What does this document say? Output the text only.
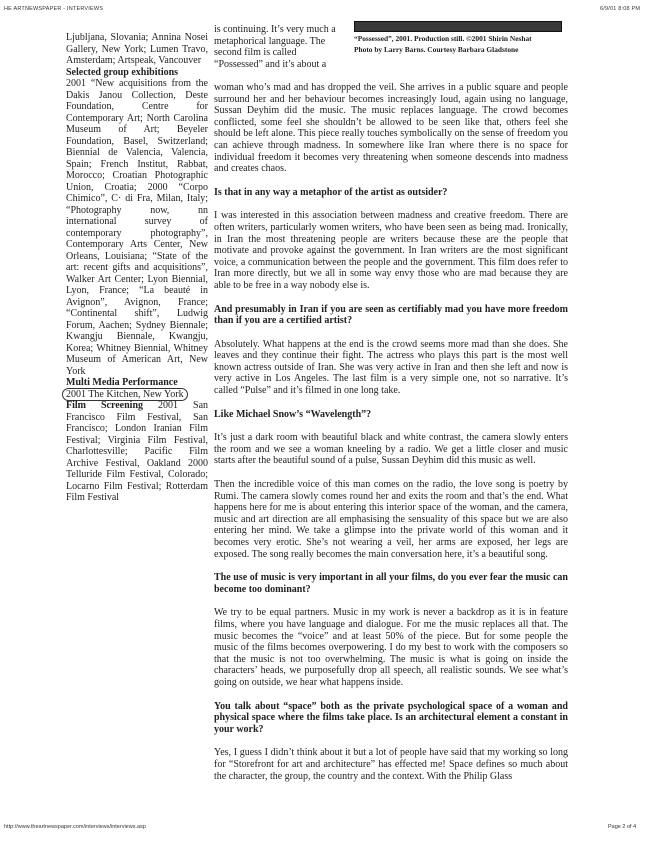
HE ARTNEWSPAPER - INTERVIEWS	6/9/01 8:08 PM

Ljubljana, Slovania; Annina Nosei Gallery, New York; Lumen Travo, Amsterdam; Artspeak, Vancouver

Selected group exhibitions

2001 “New acquisitions from the Dakis Janou Collection, Deste Foundation, Centre for Contemporary Art; North Carolina Museum of Art; Beyeler Foundation, Basel, Switzerland; Biennial de Valencia, Valencia, Spain; French Institut, Rabbat, Morocco; Croatian Photographic Union, Croatia; 2000 “Corpo Chimico”, C· di Fra, Milan, Italy; “Photography now, nn international survey of contemporary photography”, Contemporary Arts Center, New Orleans, Louisiana; “State of the art: recent gifts and acquisitions”, Walker Art Center; Lyon Biennial, Lyon, France; “La beauté in Avignon”, Avignon, France; “Continental shift”, Ludwig Forum, Aachen; Sydney Biennale; Kwangju Biennale, Kwangju, Korea; Whitney Biennial, Whitney Museum of American Art, New York

Multi Media Performance

2001 The Kitchen, New York

Film Screening 2001 San Francisco Film Festival, San Francisco; London Iranian Film Festival; Virginia Film Festival, Charlottesville; Pacific Film Archive Festival, Oakland 2000 Telluride Film Festival, Colorado; Locarno Film Festival; Rotterdam Film Festival

is continuing. It’s very much a metaphorical language. The second film is called “Possessed” and it’s about a

“Possessed”, 2001. Production still. ©2001 Shirin Neshat
Photo by Larry Barns. Courtesy Barbara Gladstone

woman who’s mad and has dropped the veil. She arrives in a public square and people surround her and her behaviour becomes increasingly loud, again using no language, Sussan Deyhim did the music. The music replaces language. The crowd becomes conflicted, some feel she shouldn’t be allowed to be seen like that, others feel she should be left alone. This piece really touches symbolically on the sense of freedom you can achieve through madness. In somewhere like Iran where there is no space for individual freedom it becomes very threatening when someone descends into madness and creates chaos.

Is that in any way a metaphor of the artist as outsider?

I was interested in this association between madness and creative freedom. There are often writers, particularly women writers, who have been seen as being mad. Ironically, in Iran the most threatening people are writers because these are the people that motivate and provoke against the government. In Iran writers are the most significant voice, a communication between the people and the government. This film does refer to Iran more directly, but we all in some way envy those who are mad because they are able to be free in a way nobody else is.

And presumably in Iran if you are seen as certifiably mad you have more freedom than if you are a certified artist?

Absolutely. What happens at the end is the crowd seems more mad than she does. She leaves and they continue their fight. The actress who plays this part is the most well known actress outside of Iran. She was very active in Iran and then she left and now is very active in Los Angeles. The last film is a very simple one, not so narrative. It’s called “Pulse” and it’s filmed in one long take.

Like Michael Snow’s “Wavelength”?

It’s just a dark room with beautiful black and white contrast, the camera slowly enters the room and we see a woman kneeling by a radio. We get a little closer and music starts after the beautiful sound of a pulse, Sussan Deyhim did this music as well.

Then the incredible voice of this man comes on the radio, the love song is poetry by Rumi. The camera slowly comes round her and exits the room and that’s the end. What happens here for me is about entering this interior space of the woman, and the camera, music and art direction are all emphasising the sensuality of this space but we are also entering her mind. We take a glimpse into the private world of this woman and it becomes very erotic. She’s not wearing a veil, her arms are exposed, her legs are exposed. The song really becomes the main conversation here, it’s a beautiful song.

The use of music is very important in all your films, do you ever fear the music can become too dominant?

We try to be equal partners. Music in my work is never a backdrop as it is in feature films, where you have language and dialogue. For me the music replaces all that. The music becomes the “voice” and at least 50% of the piece. But for some people the music of the films becomes overpowering. I do my best to work with the composers so that the music is not too overwhelming. The music is what is going on inside the characters’ heads, we purposefully drop all speech, all realistic sounds. We see what’s going on outside, we hear what happens inside.

You talk about “space” both as the private psychological space of a woman and physical space where the films take place. Is an architectural element a constant in your work?

Yes, I guess I didn’t think about it but a lot of people have said that my working so long for “Storefront for art and architecture” has effected me! Space defines so much about the character, the group, the country and the context. With the Philip Glass

http://www.theartnewspaper.com/interviews/interviews.asp	Page 2 of 4
